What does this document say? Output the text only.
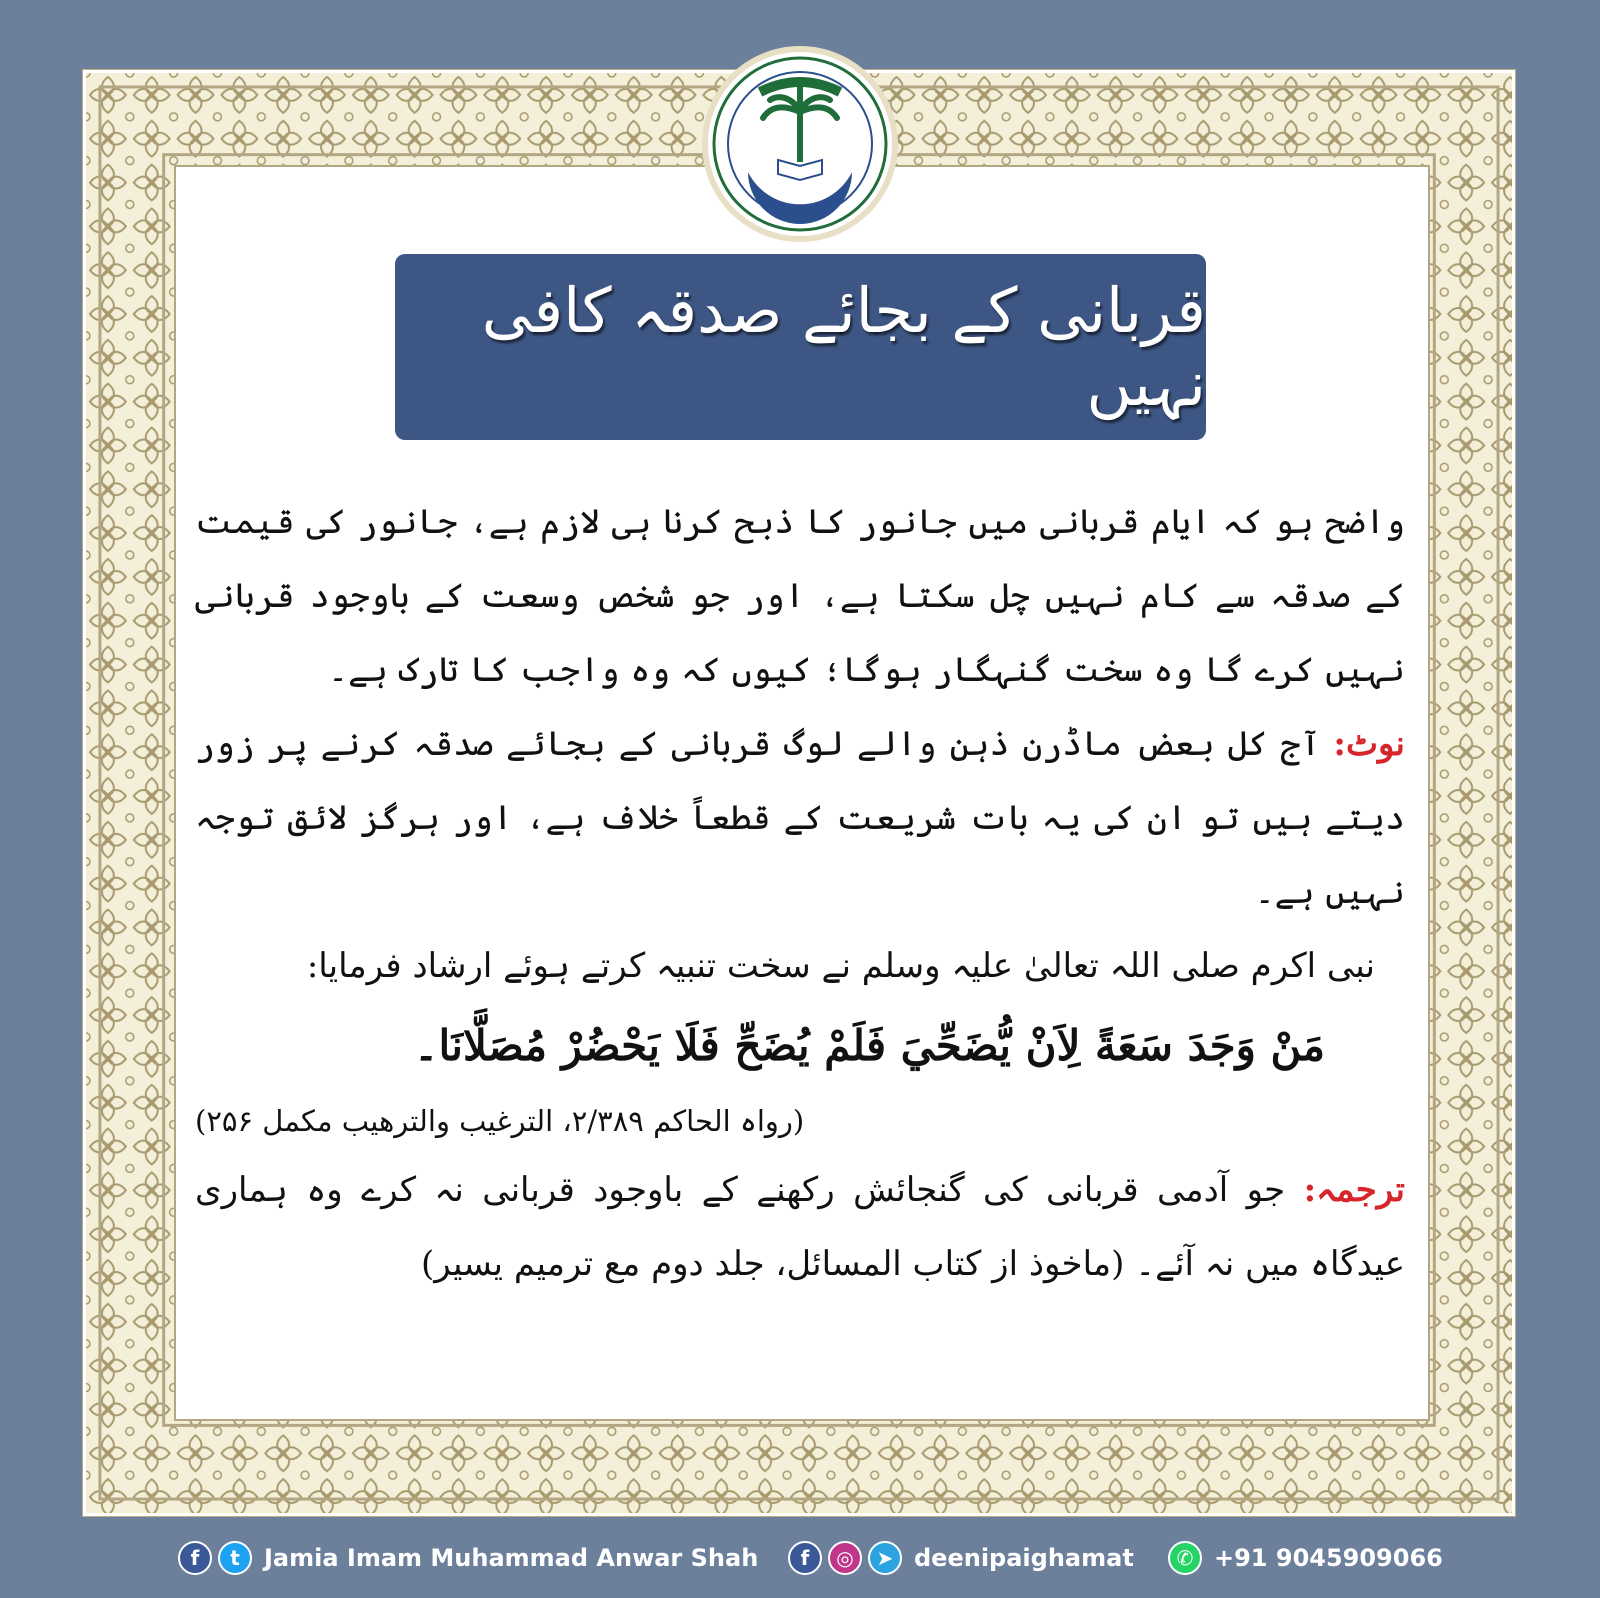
قربانی کے بجائے صدقہ کافی نہیں

واضح ہو کہ ایام قربانی میں جانور کا ذبح کرنا ہی لازم ہے، جانور کی قیمت کے صدقہ سے کام نہیں چل سکتا ہے، اور جو شخص وسعت کے باوجود قربانی نہیں کرے گا وہ سخت گنہگار ہوگا؛ کیوں کہ وہ واجب کا تارک ہے۔

نوٹ: آج کل بعض ماڈرن ذہن والے لوگ قربانی کے بجائے صدقہ کرنے پر زور دیتے ہیں تو ان کی یہ بات شریعت کے قطعاً خلاف ہے، اور ہرگز لائق توجہ نہیں ہے۔

نبی اکرم صلی اللہ تعالیٰ علیہ وسلم نے سخت تنبیہ کرتے ہوئے ارشاد فرمایا:

مَنْ وَجَدَ سَعَةً لِاَنْ يُّضَحِّيَ فَلَمْ يُضَحِّ فَلَا يَحْضُرْ مُصَلَّانَا۔

(رواہ الحاکم ۲/۳۸۹، الترغیب والترھیب مکمل ۲۵۶)

ترجمہ: جو آدمی قربانی کی گنجائش رکھنے کے باوجود قربانی نہ کرے وہ ہماری عیدگاہ میں نہ آئے۔ (ماخوذ از کتاب المسائل، جلد دوم مع ترمیم یسیر)

f	t	Jamia Imam Muhammad Anwar Shah	f	◎	➤ deenipaighamat	✆ +91 9045909066
